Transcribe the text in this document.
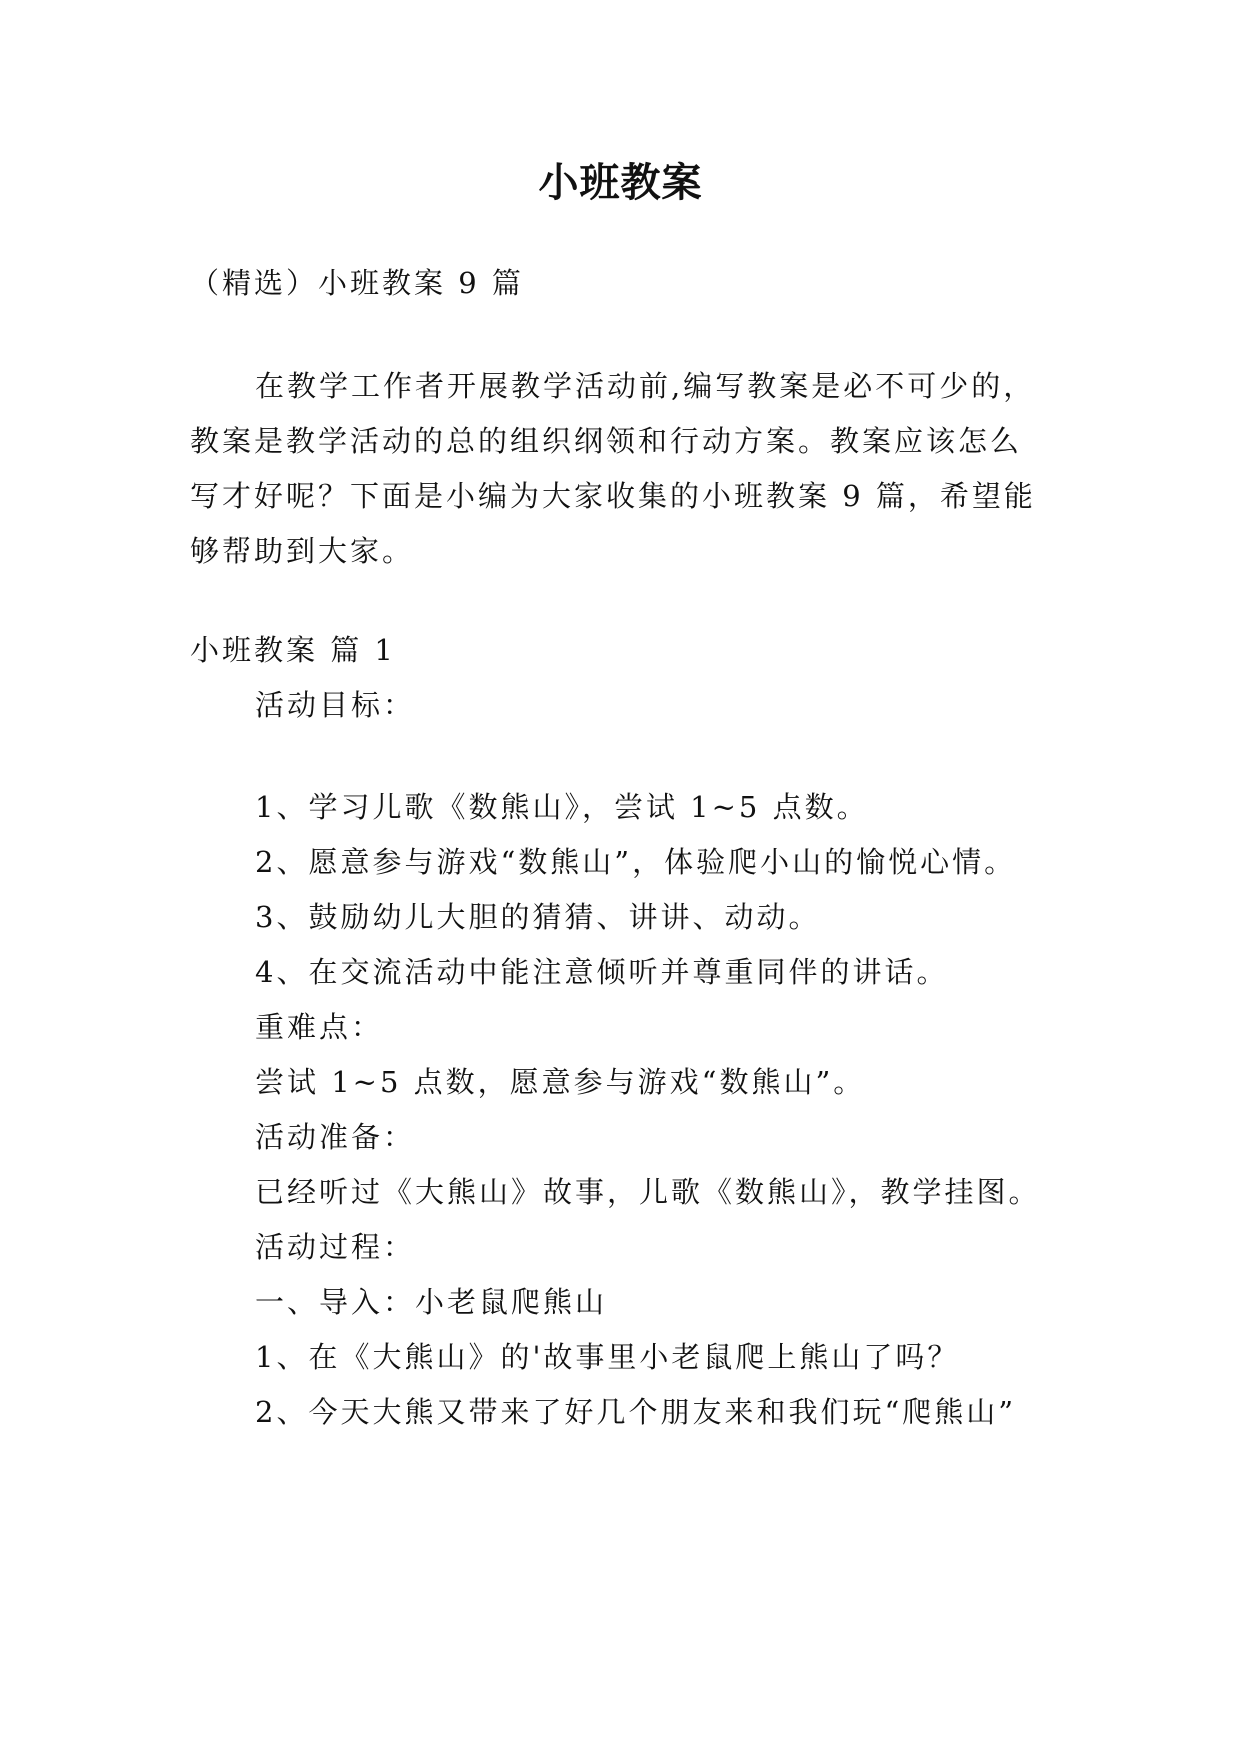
小班教案
（精选）小班教案 9 篇
在教学工作者开展教学活动前,编写教案是必不可少的，
教案是教学活动的总的组织纲领和行动方案。教案应该怎么
写才好呢？下面是小编为大家收集的小班教案 9 篇，希望能
够帮助到大家。
小班教案 篇 1
活动目标：
1、学习儿歌《数熊山》，尝试 1~5 点数。
2、愿意参与游戏“数熊山”，体验爬小山的愉悦心情。
3、鼓励幼儿大胆的猜猜、讲讲、动动。
4、在交流活动中能注意倾听并尊重同伴的讲话。
重难点：
尝试 1~5 点数，愿意参与游戏“数熊山”。
活动准备：
已经听过《大熊山》故事，儿歌《数熊山》，教学挂图。
活动过程：
一、导入：小老鼠爬熊山
1、在《大熊山》的'故事里小老鼠爬上熊山了吗？
2、今天大熊又带来了好几个朋友来和我们玩“爬熊山”
